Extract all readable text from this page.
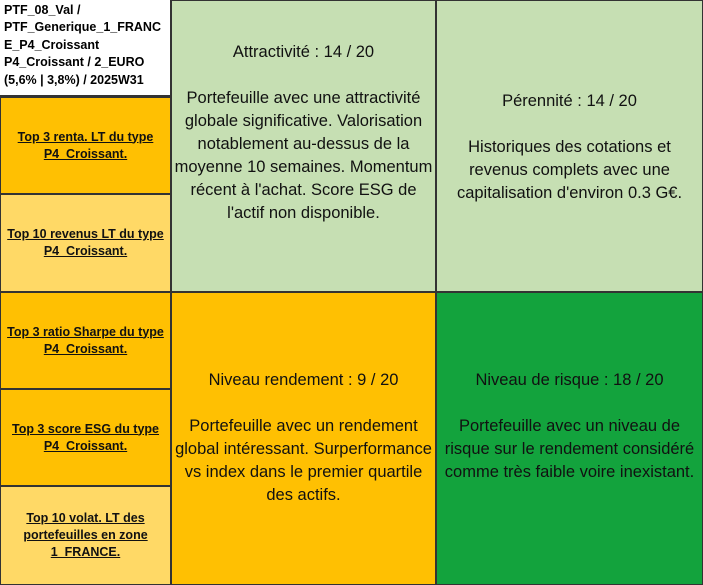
PTF_08_Val /
PTF_Generique_1_FRANC
E_P4_Croissant
P4_Croissant / 2_EURO
(5,6% | 3,8%) / 2025W31
Top 3 renta. LT du type P4_Croissant.
Top 10 revenus LT du type P4_Croissant.
Top 3 ratio Sharpe du type P4_Croissant.
Top 3 score ESG du type P4_Croissant.
Top 10 volat. LT des portefeuilles en zone 1_FRANCE.
Attractivité : 14 / 20
Portefeuille avec une attractivité globale significative. Valorisation notablement au-dessus de la moyenne 10 semaines. Momentum récent à l'achat. Score ESG de l'actif non disponible.
Pérennité : 14 / 20
Historiques des cotations et revenus complets avec une capitalisation d'environ 0.3 G€.
Niveau rendement : 9 / 20
Portefeuille avec un rendement global intéressant. Surperformance vs index dans le premier quartile des actifs.
Niveau de risque : 18 / 20
Portefeuille avec un niveau de risque sur le rendement considéré comme très faible voire inexistant.
